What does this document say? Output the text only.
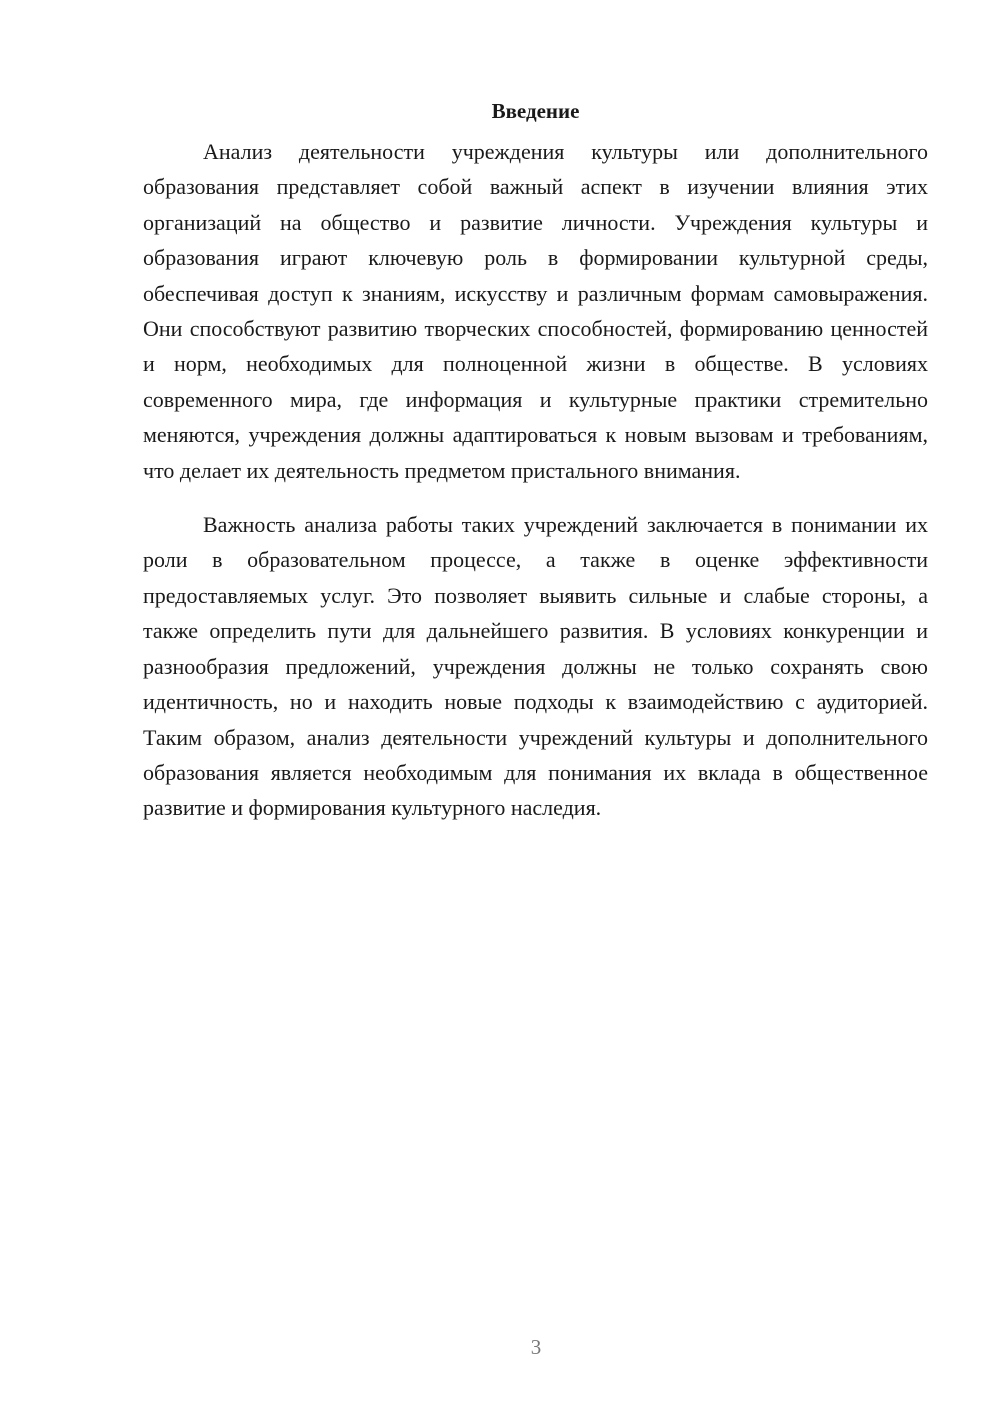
Введение

Анализ деятельности учреждения культуры или дополнительного образования представляет собой важный аспект в изучении влияния этих организаций на общество и развитие личности. Учреждения культуры и образования играют ключевую роль в формировании культурной среды, обеспечивая доступ к знаниям, искусству и различным формам самовыражения. Они способствуют развитию творческих способностей, формированию ценностей и норм, необходимых для полноценной жизни в обществе. В условиях современного мира, где информация и культурные практики стремительно меняются, учреждения должны адаптироваться к новым вызовам и требованиям, что делает их деятельность предметом пристального внимания.

Важность анализа работы таких учреждений заключается в понимании их роли в образовательном процессе, а также в оценке эффективности предоставляемых услуг. Это позволяет выявить сильные и слабые стороны, а также определить пути для дальнейшего развития. В условиях конкуренции и разнообразия предложений, учреждения должны не только сохранять свою идентичность, но и находить новые подходы к взаимодействию с аудиторией. Таким образом, анализ деятельности учреждений культуры и дополнительного образования является необходимым для понимания их вклада в общественное развитие и формирования культурного наследия.

3
